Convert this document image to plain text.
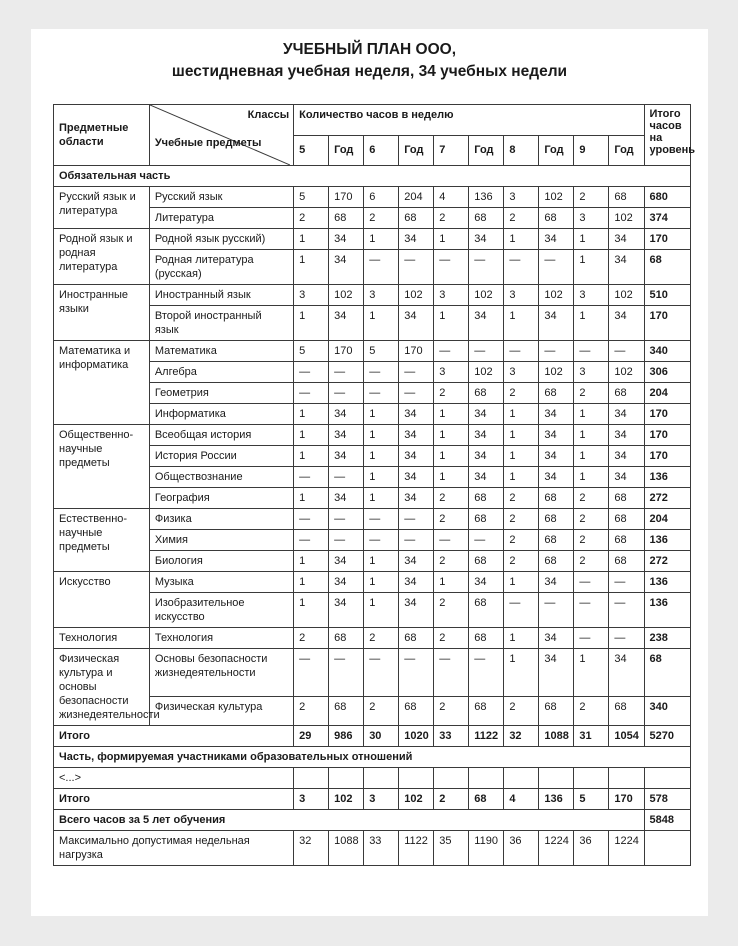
УЧЕБНЫЙ ПЛАН ООО,
шестидневная учебная неделя, 34 учебных недели
Предметные области	Классы
Учебные предметы	Количество часов в неделю										Итого часов на уровень
		5	Год	6	Год	7	Год	8	Год	9	Год	
Обязательная часть												
Русский язык и литература	Русский язык	5	170	6	204	4	136	3	102	2	68	680
	Литература	2	68	2	68	2	68	2	68	3	102	374
Родной язык и родная литература	Родной язык русский)	1	34	1	34	1	34	1	34	1	34	170
	Родная литература (русская)	1	34	—	—	—	—	—	—	1	34	68
Иностранные языки	Иностранный язык	3	102	3	102	3	102	3	102	3	102	510
	Второй иностранный язык	1	34	1	34	1	34	1	34	1	34	170
Математика и информатика	Математика	5	170	5	170	—	—	—	—	—	—	340
	Алгебра	—	—	—	—	3	102	3	102	3	102	306
	Геометрия	—	—	—	—	2	68	2	68	2	68	204
	Информатика	1	34	1	34	1	34	1	34	1	34	170
Общественно-научные предметы	Всеобщая история	1	34	1	34	1	34	1	34	1	34	170
	История России	1	34	1	34	1	34	1	34	1	34	170
	Обществознание	—	—	1	34	1	34	1	34	1	34	136
	География	1	34	1	34	2	68	2	68	2	68	272
Естественно-научные предметы	Физика	—	—	—	—	2	68	2	68	2	68	204
	Химия	—	—	—	—	—	—	2	68	2	68	136
	Биология	1	34	1	34	2	68	2	68	2	68	272
Искусство	Музыка	1	34	1	34	1	34	1	34	—	—	136
	Изобразительное искусство	1	34	1	34	2	68	—	—	—	—	136
Технология	Технология	2	68	2	68	2	68	1	34	—	—	238
Физическая культура и основы безопасности жизнедеятельности	Основы безопасности жизнедеятельности	—	—	—	—	—	—	1	34	1	34	68
	Физическая культура	2	68	2	68	2	68	2	68	2	68	340
Итого		29	986	30	1020	33	1122	32	1088	31	1054	5270
Часть, формируемая участниками образовательных отношений												
<...>												
Итого		3	102	3	102	2	68	4	136	5	170	578
Всего часов за 5 лет обучения												5848
Максимально допустимая недельная нагрузка		32	1088	33	1122	35	1190	36	1224	36	1224	
